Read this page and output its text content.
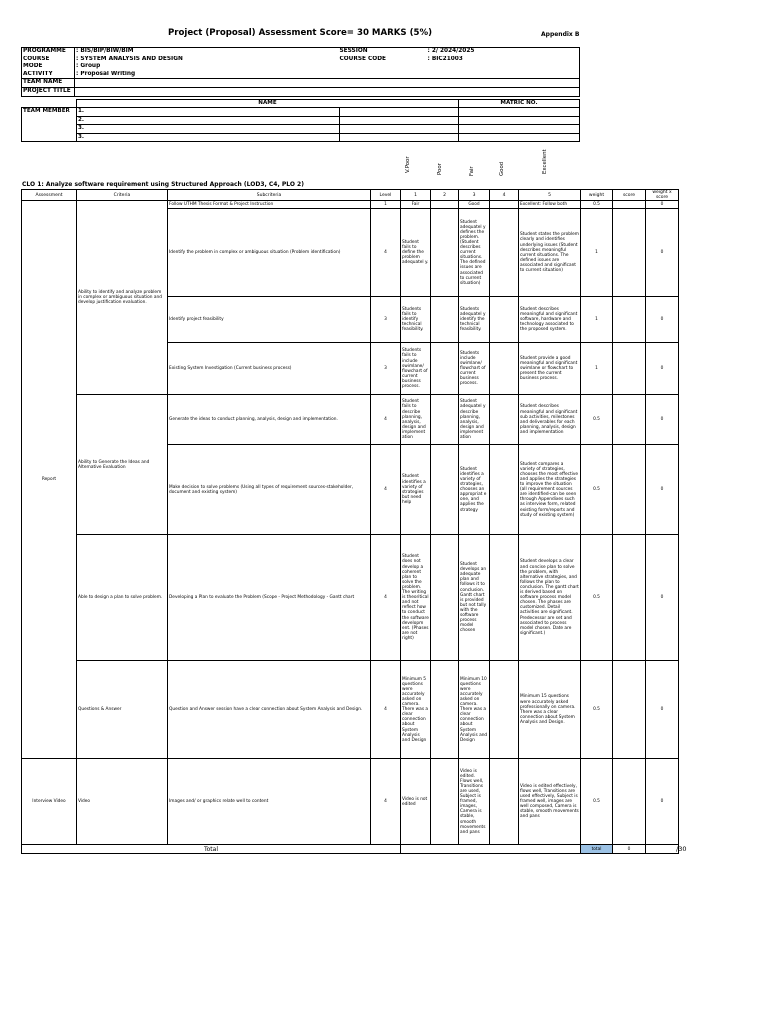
Project (Proposal) Assessment Score= 30 MARKS (5%)	Appendix B
PROGRAMME	: BIS/BIP/BIW/BIM	SESSION	: 2/ 2024/2025
COURSE	: SYSTEM ANALYSIS AND DESIGN	COURSE CODE	: BIC21003
MODE	: Group		
ACTIVITY	: Proposal Writing		
TEAM NAME			
PROJECT TITLE			
	NAME		MATRIC NO.
TEAM MEMBER	1.		
	2.		
	3.		
	3.		
V.Poor	Poor	Fair	Good	Excellent
CLO 1: Analyze software requirement using Structured Approach (LOD3, C4, PLO 2)
Assessment	Criteria	Subcriteria	Level	1	2	3	4	5	weight	score	weight x score
Report	Ability to identify and analyze problem in complex or ambiguous situation and develop justification evaluation.	Follow UTHM Thesis Format & Project Instruction	1	Fair		Good		Excellent: Follow both	0.5		0
		Identify the problem in complex or ambiguous situation (Problem identification)	4	Student fails to define the problem adequatel y.		Student adequatel y defines the problem. (Student describes current situations. The defined issues are associated to current situation)		Student states the problem clearly and identifies underlying issues (Student describes meaningful current situations. The defined issues are associated and significant to current situation)	1		0
		Identify project feasibility	3	Students fails to identify technical feasibility.		Students adequatel y identify the technical feasibility.		Student describes meaningful and significant software, hardware and technology associated to the proposed system.	1		0
		Existing System Investigation (Current business process)	3	Students fails to include swimlane/ flowchart of current business process.		Students include swimlane/ flowchart of current business process.		Student provide a good meaningful and significant swimlane or flowchart to present the current business process.	1		0
	Ability to Generate the Ideas and Alternative Evaluation	Generate the ideas to conduct planning, analysis, design and implementation.	4	Student fails to describe planning, analysis, design and implement ation		Student adequatel y describe planning, analysis, design and implement ation		Student describes meaningful and significant sub activities, milestones and deliverables for each planning, analysis, design and implementation	0.5		0
		Make decision to solve problems (Using all types of requirement sources-stakeholder, document and existing system)	4	Student identifies a variety of strategies but need help		Student identifies a variety of strategies, chooses an appropriat e one, and applies the strategy		Student compares a variety of strategies, chooses the most effective and applies the strategies to improve the situation (all requirement sources are identified-can be seen through Appendixes such as interview form, related existing form/reports and study of existing system)	0.5		0
	Able to design a plan to solve problem.	Developing a Plan to evaluate the Problem (Scope - Project Methodology - Gantt chart	4	Student does not develop a coherent plan to solve the problem. The writing is theoritical and not reflect how to conduct the software developm ent. (Phases are not right)		Student develops an adequate plan and follows it to conclusion. Gantt chart is provided but not tally with the software process model chosen		Student develops a clear and concise plan to solve the problem, with alternative strategies, and follows the plan to conclusion. The gantt chart is derived based on software process model chosen. The phases are customized. Detail activities are significant. Predecessor are set and associated to process model chosen. Date are significant.)	0.5		0
	Questions & Answer	Question and Answer session have a clear connection about System Analysis and Design.	4	Minimum 5 questions were accurately asked on camera. There was a clear connection about System Analysis and Design		Minimum 10 questions were accurately asked on camera. There was a clear connection about System Analysis and Design		Minimum 15 questions were accurately asked professionally on camera. There was a clear connection about System Analysis and Design.	0.5		0
Interview Video	Video	Images and/ or graphics relate well to content	4	Video is not edited		Video is edited. Flows well, Transitions are used, Subject is framed, images, Camera is stable, smooth movements and pans		Video is edited effectively, flows well, Transitions are used effectively, Subject is framed well, images are well composed, Camera is stable, smooth movements and pans	0.5		0
Total									total	0		/30
